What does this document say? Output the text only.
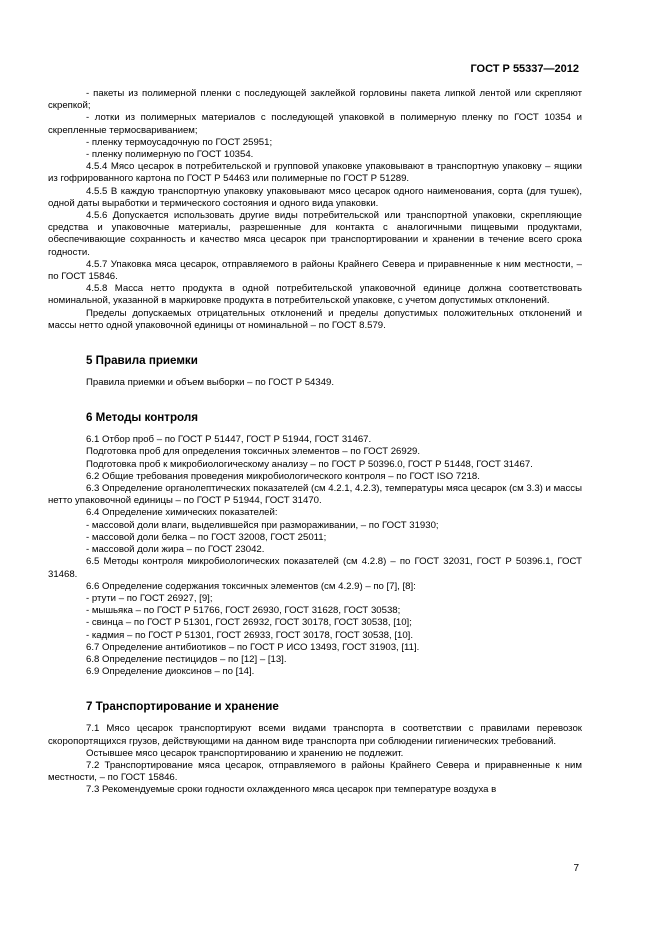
ГОСТ Р 55337—2012
- пакеты из полимерной пленки с последующей заклейкой горловины пакета липкой лентой или скрепляют скрепкой;
- лотки из полимерных материалов с последующей упаковкой в полимерную пленку по ГОСТ 10354 и скрепленные термосвариванием;
- пленку термоусадочную по ГОСТ 25951;
- пленку полимерную по ГОСТ 10354.
4.5.4 Мясо цесарок в потребительской и групповой упаковке упаковывают в транспортную упаковку – ящики из гофрированного картона по ГОСТ Р 54463 или полимерные по ГОСТ Р 51289.
4.5.5 В каждую транспортную упаковку упаковывают мясо цесарок одного наименования, сорта (для тушек), одной даты выработки и термического состояния и одного вида упаковки.
4.5.6 Допускается использовать другие виды потребительской или транспортной упаковки, скрепляющие средства и упаковочные материалы, разрешенные для контакта с аналогичными пищевыми продуктами, обеспечивающие сохранность и качество мяса цесарок при транспортировании и хранении в течение всего срока годности.
4.5.7 Упаковка мяса цесарок, отправляемого в районы Крайнего Севера и приравненные к ним местности, – по ГОСТ 15846.
4.5.8 Масса нетто продукта в одной потребительской упаковочной единице должна соответствовать номинальной, указанной в маркировке продукта в потребительской упаковке, с учетом допустимых отклонений.
Пределы допускаемых отрицательных отклонений и пределы допустимых положительных отклонений и массы нетто одной упаковочной единицы от номинальной – по ГОСТ 8.579.
5 Правила приемки
Правила приемки и объем выборки – по ГОСТ Р 54349.
6 Методы контроля
6.1 Отбор проб – по ГОСТ Р 51447, ГОСТ Р 51944, ГОСТ 31467.
Подготовка проб для определения токсичных элементов – по ГОСТ 26929.
Подготовка проб к микробиологическому анализу – по ГОСТ Р 50396.0, ГОСТ Р 51448, ГОСТ 31467.
6.2 Общие требования проведения микробиологического контроля – по ГОСТ ISO 7218.
6.3 Определение органолептических показателей (см 4.2.1, 4.2.3), температуры мяса цесарок (см 3.3) и массы нетто упаковочной единицы – по ГОСТ Р 51944, ГОСТ 31470.
6.4 Определение химических показателей:
- массовой доли влаги, выделившейся при размораживании, – по ГОСТ 31930;
- массовой доли белка – по ГОСТ 32008, ГОСТ 25011;
- массовой доли жира – по ГОСТ 23042.
6.5 Методы контроля микробиологических показателей (см 4.2.8) – по ГОСТ 32031, ГОСТ Р 50396.1, ГОСТ 31468.
6.6 Определение содержания токсичных элементов (см 4.2.9) – по [7], [8]:
- ртути – по ГОСТ 26927, [9];
- мышьяка – по ГОСТ Р 51766, ГОСТ 26930, ГОСТ 31628, ГОСТ 30538;
- свинца – по ГОСТ Р 51301, ГОСТ 26932, ГОСТ 30178, ГОСТ 30538, [10];
- кадмия – по ГОСТ Р 51301, ГОСТ 26933, ГОСТ 30178, ГОСТ 30538, [10].
6.7 Определение антибиотиков – по ГОСТ Р ИСО 13493, ГОСТ 31903, [11].
6.8 Определение пестицидов – по [12] – [13].
6.9 Определение диоксинов – по [14].
7 Транспортирование и хранение
7.1 Мясо цесарок транспортируют всеми видами транспорта в соответствии с правилами перевозок скоропортящихся грузов, действующими на данном виде транспорта при соблюдении гигиенических требований.
Остывшее мясо цесарок транспортированию и хранению не подлежит.
7.2 Транспортирование мяса цесарок, отправляемого в районы Крайнего Севера и приравненные к ним местности, – по ГОСТ 15846.
7.3 Рекомендуемые сроки годности охлажденного мяса цесарок при температуре воздуха в
7
